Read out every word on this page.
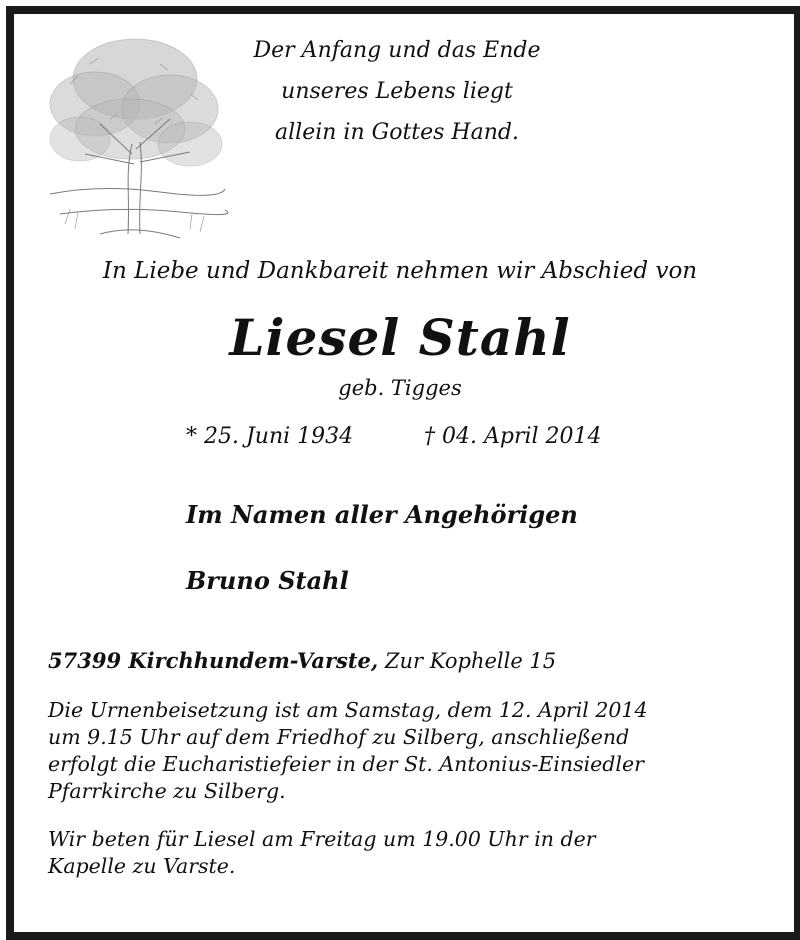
Der Anfang und das Ende
unseres Lebens liegt
allein in Gottes Hand.
In Liebe und Dankbareit nehmen wir Abschied von
Liesel Stahl
geb. Tigges
* 25. Juni 1934	† 04. April 2014
Im Namen aller Angehörigen
Bruno Stahl
57399 Kirchhundem-Varste, Zur Kophelle 15
Die Urnenbeisetzung ist am Samstag, dem 12. April 2014
um 9.15 Uhr auf dem Friedhof zu Silberg, anschließend
erfolgt die Eucharistiefeier in der St. Antonius-Einsiedler
Pfarrkirche zu Silberg.
Wir beten für Liesel am Freitag um 19.00 Uhr in der
Kapelle zu Varste.
